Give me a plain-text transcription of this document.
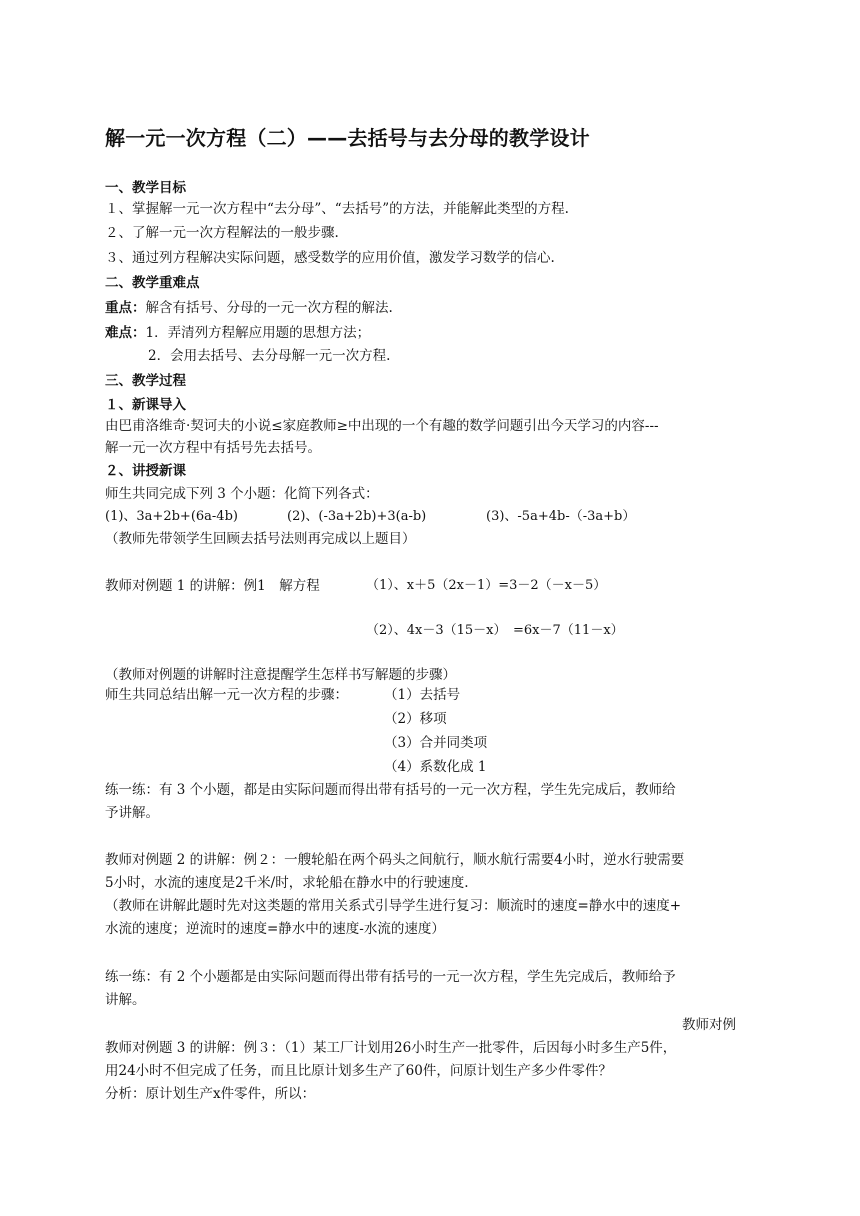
解一元一次方程（二）——去括号与去分母的教学设计
一、教学目标
１、掌握解一元一次方程中“去分母”、“去括号”的方法，并能解此类型的方程.
２、了解一元一次方程解法的一般步骤.
３、通过列方程解决实际问题，感受数学的应用价值，激发学习数学的信心.
二、教学重难点
重点：解含有括号、分母的一元一次方程的解法.
难点：1．弄清列方程解应用题的思想方法；
2．会用去括号、去分母解一元一次方程.
三、教学过程
１、新课导入
由巴甫洛维奇·契诃夫的小说≤家庭教师≥中出现的一个有趣的数学问题引出今天学习的内容---
解一元一次方程中有括号先去括号。
２、讲授新课
师生共同完成下列 3 个小题：化简下列各式：
(1)、3a+2b+(6a-4b)	(2)、(-3a+2b)+3(a-b)	(3)、-5a+4b-（-3a+b）
（教师先带领学生回顾去括号法则再完成以上题目）
教师对例题 1 的讲解：例1　解方程	（1）、x＋5（2x－1）=3－2（－x－5）
（2）、4x－3（15－x）　=6x－7（11－x）
（教师对例题的讲解时注意提醒学生怎样书写解题的步骤）
师生共同总结出解一元一次方程的步骤：	（1）去括号
（2）移项
（3）合并同类项
（4）系数化成 1
练一练：有 3 个小题，都是由实际问题而得出带有括号的一元一次方程，学生先完成后，教师给
予讲解。
教师对例题 2 的讲解：例２：一艘轮船在两个码头之间航行，顺水航行需要4小时，逆水行驶需要
5小时，水流的速度是2千米/时，求轮船在静水中的行驶速度.
（教师在讲解此题时先对这类题的常用关系式引导学生进行复习：顺流时的速度=静水中的速度+
水流的速度；逆流时的速度=静水中的速度-水流的速度）
练一练：有 2 个小题都是由实际问题而得出带有括号的一元一次方程，学生先完成后，教师给予
讲解。
教师对例
教师对例题 3 的讲解：例３：（1）某工厂计划用26小时生产一批零件，后因每小时多生产5件，
用24小时不但完成了任务，而且比原计划多生产了60件，问原计划生产多少件零件？
分析：原计划生产x件零件，所以：
